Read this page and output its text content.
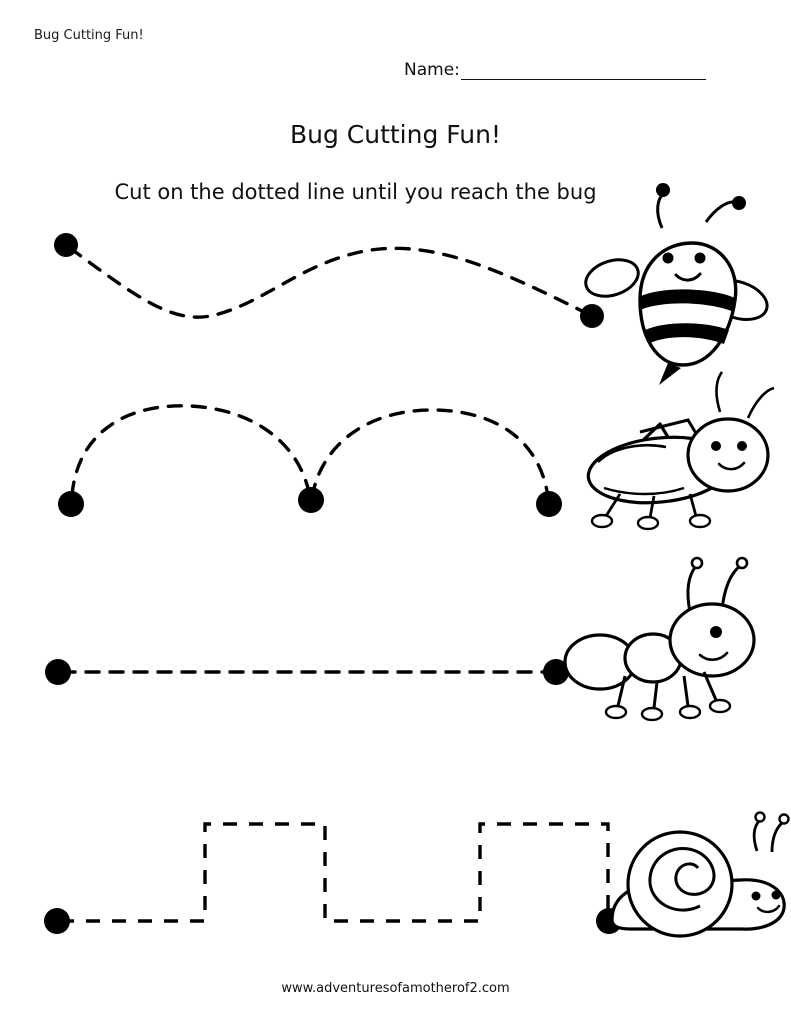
Bug Cutting Fun!
Name:
Bug Cutting Fun!
Cut on the dotted line until you reach the bug
www.adventuresofamotherof2.com
